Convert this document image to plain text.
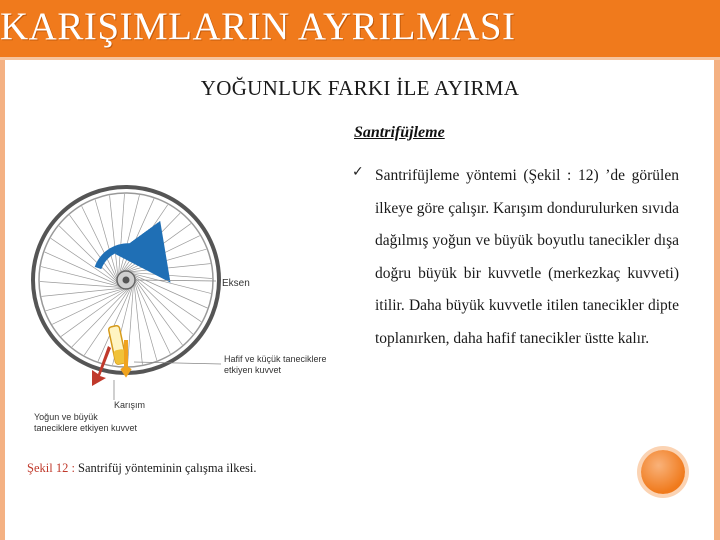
KARIŞIMLARIN AYRILMASI
YOĞUNLUK FARKI İLE AYIRMA
Santrifüjleme
✓ Santrifüjleme yöntemi (Şekil : 12) ’de görülen ilkeye göre çalışır. Karışım dondurulurken sıvıda dağılmış yoğun ve büyük boyutlu tanecikler dışa doğru büyük bir kuvvetle (merkezkaç kuvveti) itilir. Daha büyük kuvvetle itilen tanecikler dipte toplanırken, daha hafif tanecikler üstte kalır.
Eksen
Hafif ve küçük taneciklere
etkiyen kuvvet
Karışım
Yoğun ve büyük
taneciklere etkiyen kuvvet
Şekil 12 : Santrifüj yönteminin çalışma ilkesi.
